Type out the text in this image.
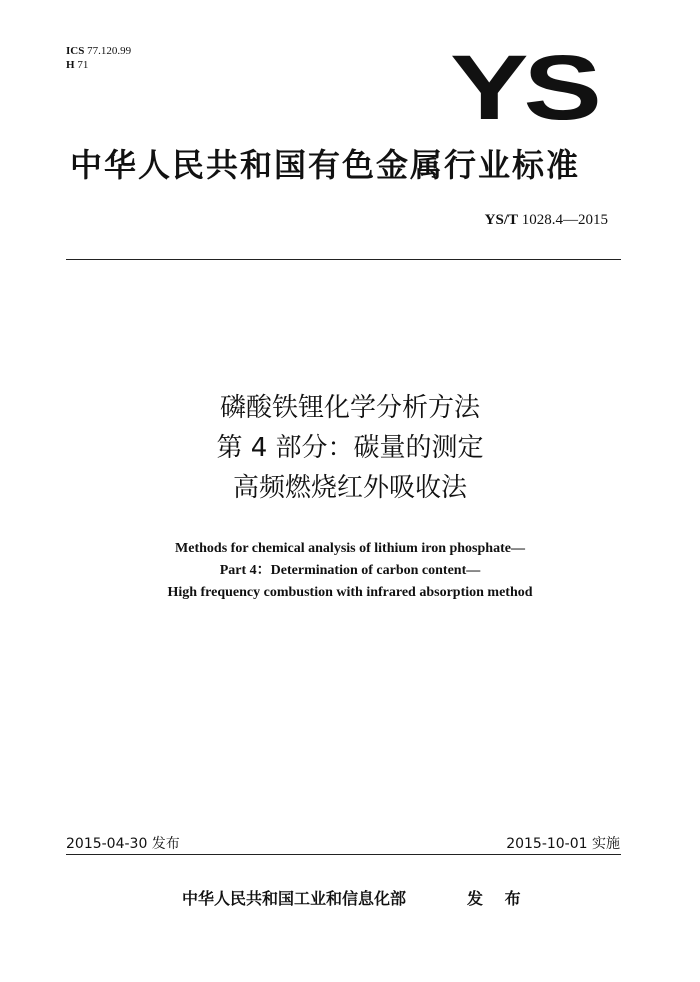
ICS 77.120.99
H 71	YS
中华人民共和国有色金属行业标准
YS/T 1028.4—2015
磷酸铁锂化学分析方法
第 4 部分：碳量的测定
高频燃烧红外吸收法
Methods for chemical analysis of lithium iron phosphate—
Part 4：Determination of carbon content—
High frequency combustion with infrared absorption method
2015-04-30 发布	2015-10-01 实施
中华人民共和国工业和信息化部	发 布
